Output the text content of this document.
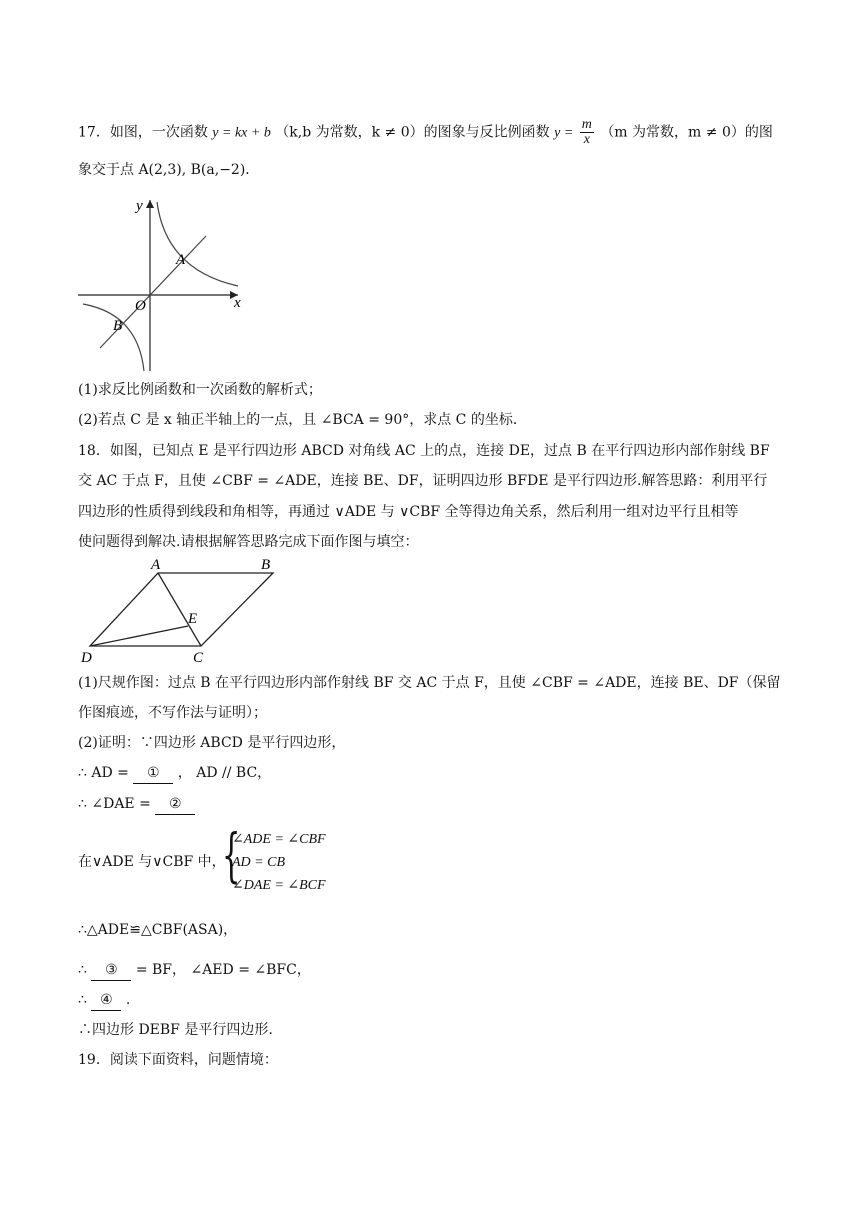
17．如图，一次函数 y = kx + b （k,b 为常数，k ≠ 0）的图象与反比例函数 $y = \frac{m}{x} (m$ 为常数，m ≠ 0）的图
象交于点 A(2,3), B(a,−2)．
y
x
O
A
B
(1)求反比例函数和一次函数的解析式；
(2)若点 C 是 x 轴正半轴上的一点，且 ∠BCA = 90°，求点 C 的坐标．
18．如图，已知点 E 是平行四边形 ABCD 对角线 AC 上的点，连接 DE，过点 B 在平行四边形内部作射线 BF
交 AC 于点 F，且使 ∠CBF = ∠ADE，连接 BE、DF，证明四边形 BFDE 是平行四边形.解答思路：利用平行
四边形的性质得到线段和角相等，再通过 ∨ADE 与 ∨CBF 全等得边角关系，然后利用一组对边平行且相等
使问题得到解决.请根据解答思路完成下面作图与填空：
A	B
C
D
E
(1)尺规作图：过点 B 在平行四边形内部作射线 BF 交 AC 于点 F，且使 ∠CBF = ∠ADE，连接 BE、DF（保留
作图痕迹，不写作法与证明）；
(2)证明：∵四边形 ABCD 是平行四边形，
∴ AD = ① ， AD // BC，
∴ ∠DAE = ②
在∨ADE 与∨CBF 中，
{
∠ADE = ∠CBF
AD = CB
∠DAE = ∠BCF
∴△ADE≌△CBF(ASA)，
∴ ③ = BF， ∠AED = ∠BFC，
∴ ④ .
∴四边形 DEBF 是平行四边形.
19．阅读下面资料，问题情境：
